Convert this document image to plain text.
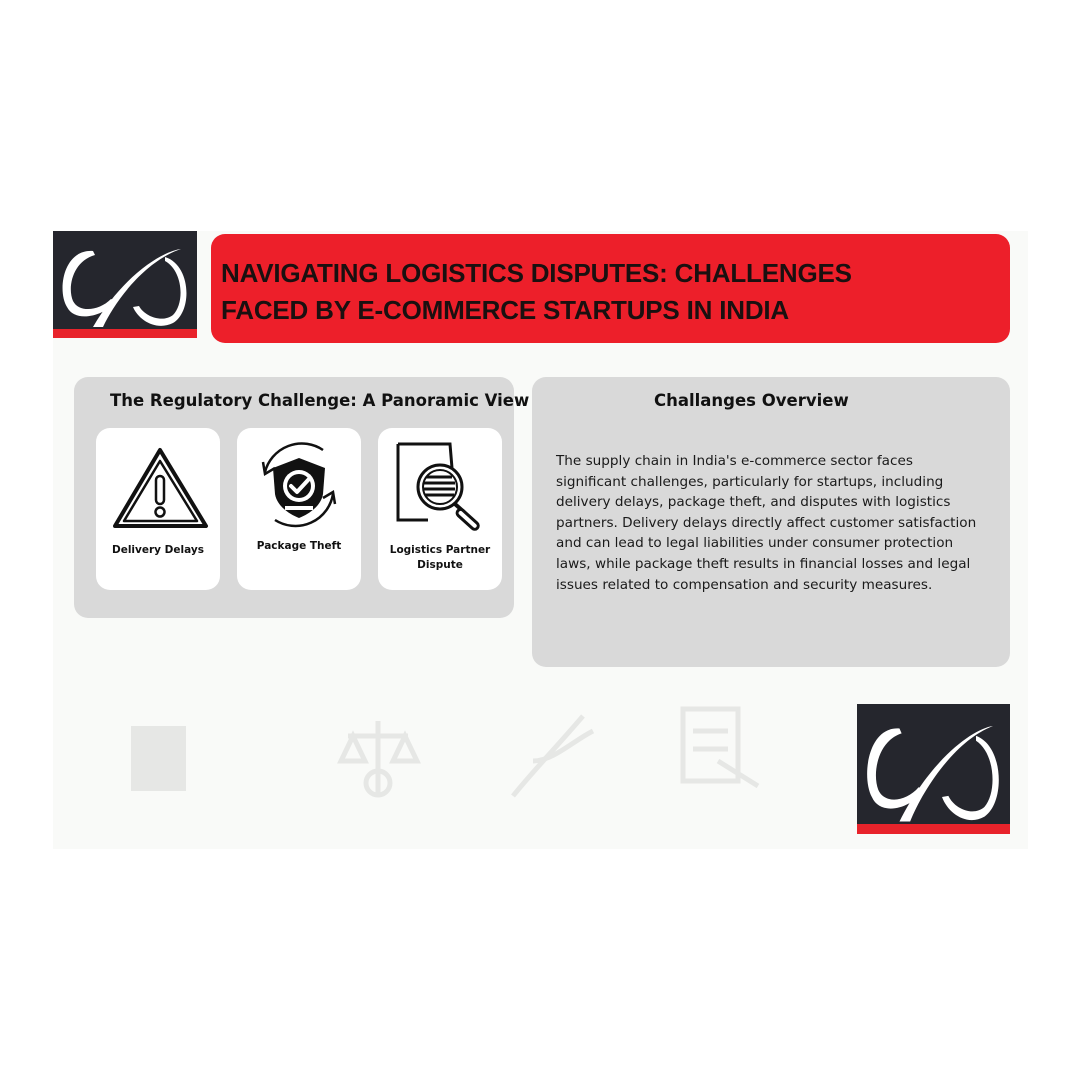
NAVIGATING LOGISTICS DISPUTES: CHALLENGES
FACED BY E-COMMERCE STARTUPS IN INDIA
The Regulatory Challenge: A Panoramic View
Delivery Delays	Package Theft	Logistics Partner
Dispute
Challanges Overview

The supply chain in India's e-commerce sector faces
significant challenges, particularly for startups, including
delivery delays, package theft, and disputes with logistics
partners. Delivery delays directly affect customer satisfaction
and can lead to legal liabilities under consumer protection
laws, while package theft results in financial losses and legal
issues related to compensation and security measures.
